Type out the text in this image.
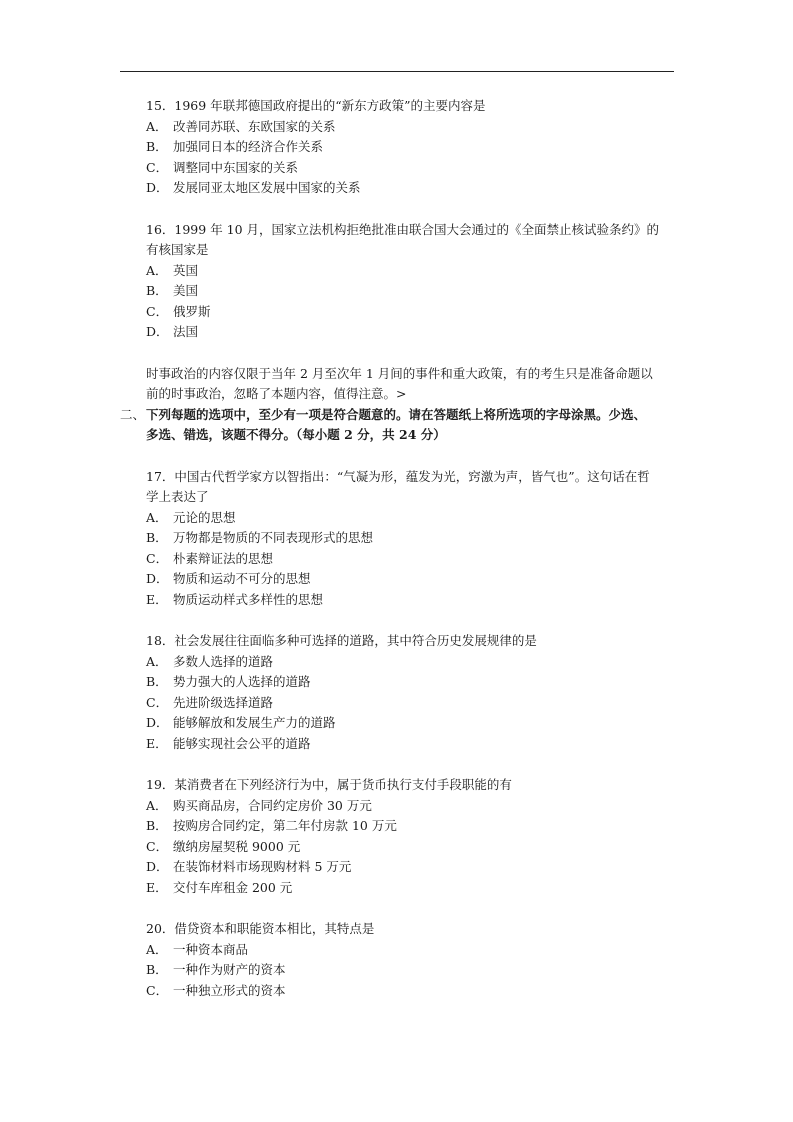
15．1969 年联邦德国政府提出的“新东方政策”的主要内容是

A． 改善同苏联、东欧国家的关系

B． 加强同日本的经济合作关系

C． 调整同中东国家的关系

D． 发展同亚太地区发展中国家的关系

16．1999 年 10 月，国家立法机构拒绝批准由联合国大会通过的《全面禁止核试验条约》的

有核国家是

A． 英国

B． 美国

C． 俄罗斯

D． 法国

时事政治的内容仅限于当年 2 月至次年 1 月间的事件和重大政策，有的考生只是准备命题以

前的时事政治，忽略了本题内容，值得注意。>

二、下列每题的选项中，至少有一项是符合题意的。请在答题纸上将所选项的字母涂黑。少选、
多选、错选，该题不得分。（每小题 2 分，共 24 分）

17．中国古代哲学家方以智指出：“气凝为形，蕴发为光，窍激为声，皆气也”。这句话在哲

学上表达了

A． 元论的思想

B． 万物都是物质的不同表现形式的思想

C． 朴素辩证法的思想

D． 物质和运动不可分的思想

E． 物质运动样式多样性的思想

18．社会发展往往面临多种可选择的道路，其中符合历史发展规律的是

A． 多数人选择的道路

B． 势力强大的人选择的道路

C． 先进阶级选择道路

D． 能够解放和发展生产力的道路

E． 能够实现社会公平的道路

19．某消费者在下列经济行为中，属于货币执行支付手段职能的有

A． 购买商品房，合同约定房价 30 万元

B． 按购房合同约定，第二年付房款 10 万元

C． 缴纳房屋契税 9000 元

D． 在装饰材料市场现购材料 5 万元

E． 交付车库租金 200 元

20．借贷资本和职能资本相比，其特点是

A． 一种资本商品

B． 一种作为财产的资本

C． 一种独立形式的资本
